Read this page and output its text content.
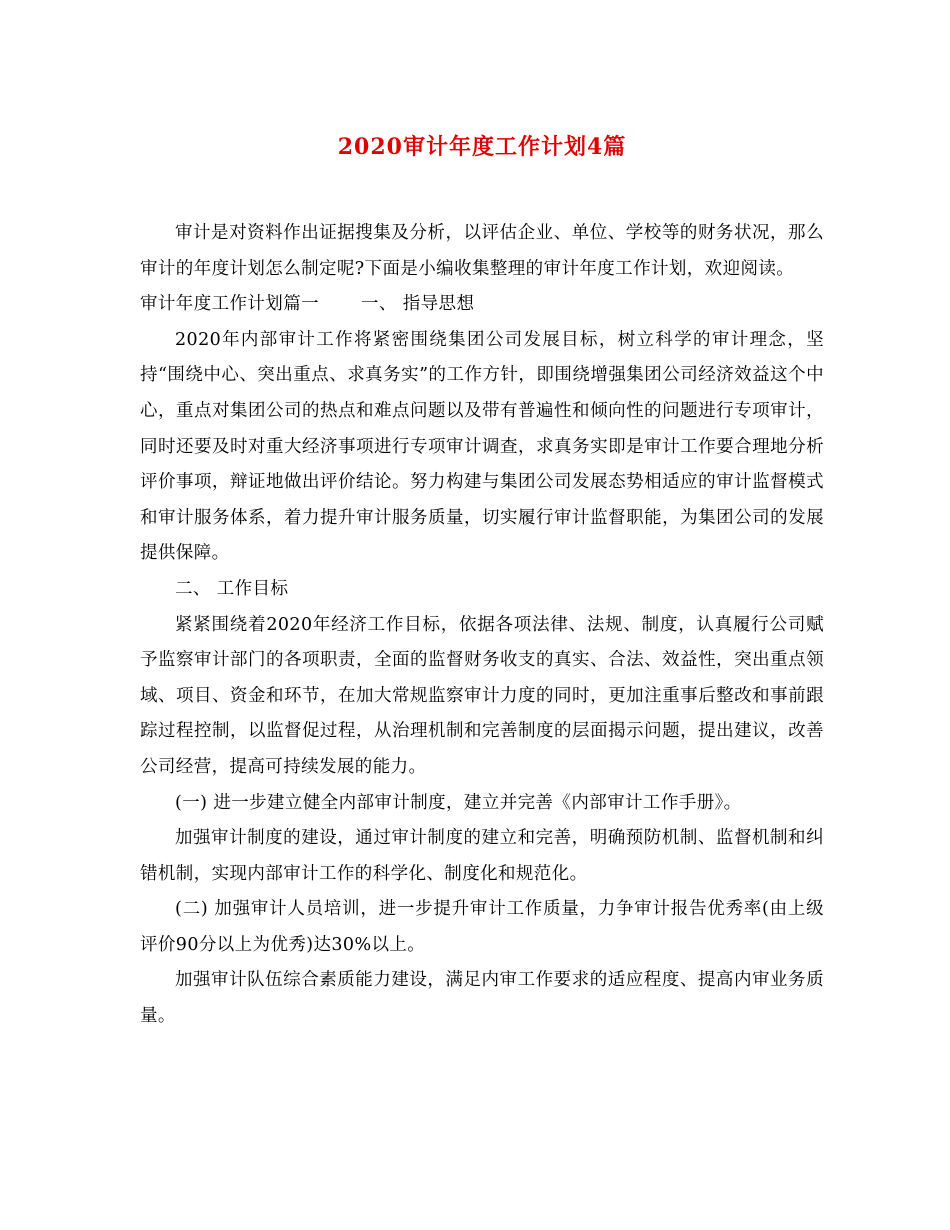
2020审计年度工作计划4篇

审计是对资料作出证据搜集及分析，以评估企业、单位、学校等的财务状况，那么审计的年度计划怎么制定呢?下面是小编收集整理的审计年度工作计划，欢迎阅读。

审计年度工作计划篇一 一、 指导思想

2020年内部审计工作将紧密围绕集团公司发展目标，树立科学的审计理念，坚持“围绕中心、突出重点、求真务实”的工作方针，即围绕增强集团公司经济效益这个中心，重点对集团公司的热点和难点问题以及带有普遍性和倾向性的问题进行专项审计，同时还要及时对重大经济事项进行专项审计调查，求真务实即是审计工作要合理地分析评价事项，辩证地做出评价结论。努力构建与集团公司发展态势相适应的审计监督模式和审计服务体系，着力提升审计服务质量，切实履行审计监督职能，为集团公司的发展提供保障。

二、 工作目标

紧紧围绕着2020年经济工作目标，依据各项法律、法规、制度，认真履行公司赋予监察审计部门的各项职责，全面的监督财务收支的真实、合法、效益性，突出重点领域、项目、资金和环节，在加大常规监察审计力度的同时，更加注重事后整改和事前跟踪过程控制，以监督促过程，从治理机制和完善制度的层面揭示问题，提出建议，改善公司经营，提高可持续发展的能力。

(一) 进一步建立健全内部审计制度，建立并完善《内部审计工作手册》。

加强审计制度的建设，通过审计制度的建立和完善，明确预防机制、监督机制和纠错机制，实现内部审计工作的科学化、制度化和规范化。

(二) 加强审计人员培训，进一步提升审计工作质量，力争审计报告优秀率(由上级评价90分以上为优秀)达30%以上。

加强审计队伍综合素质能力建设，满足内审工作要求的适应程度、提高内审业务质量。
